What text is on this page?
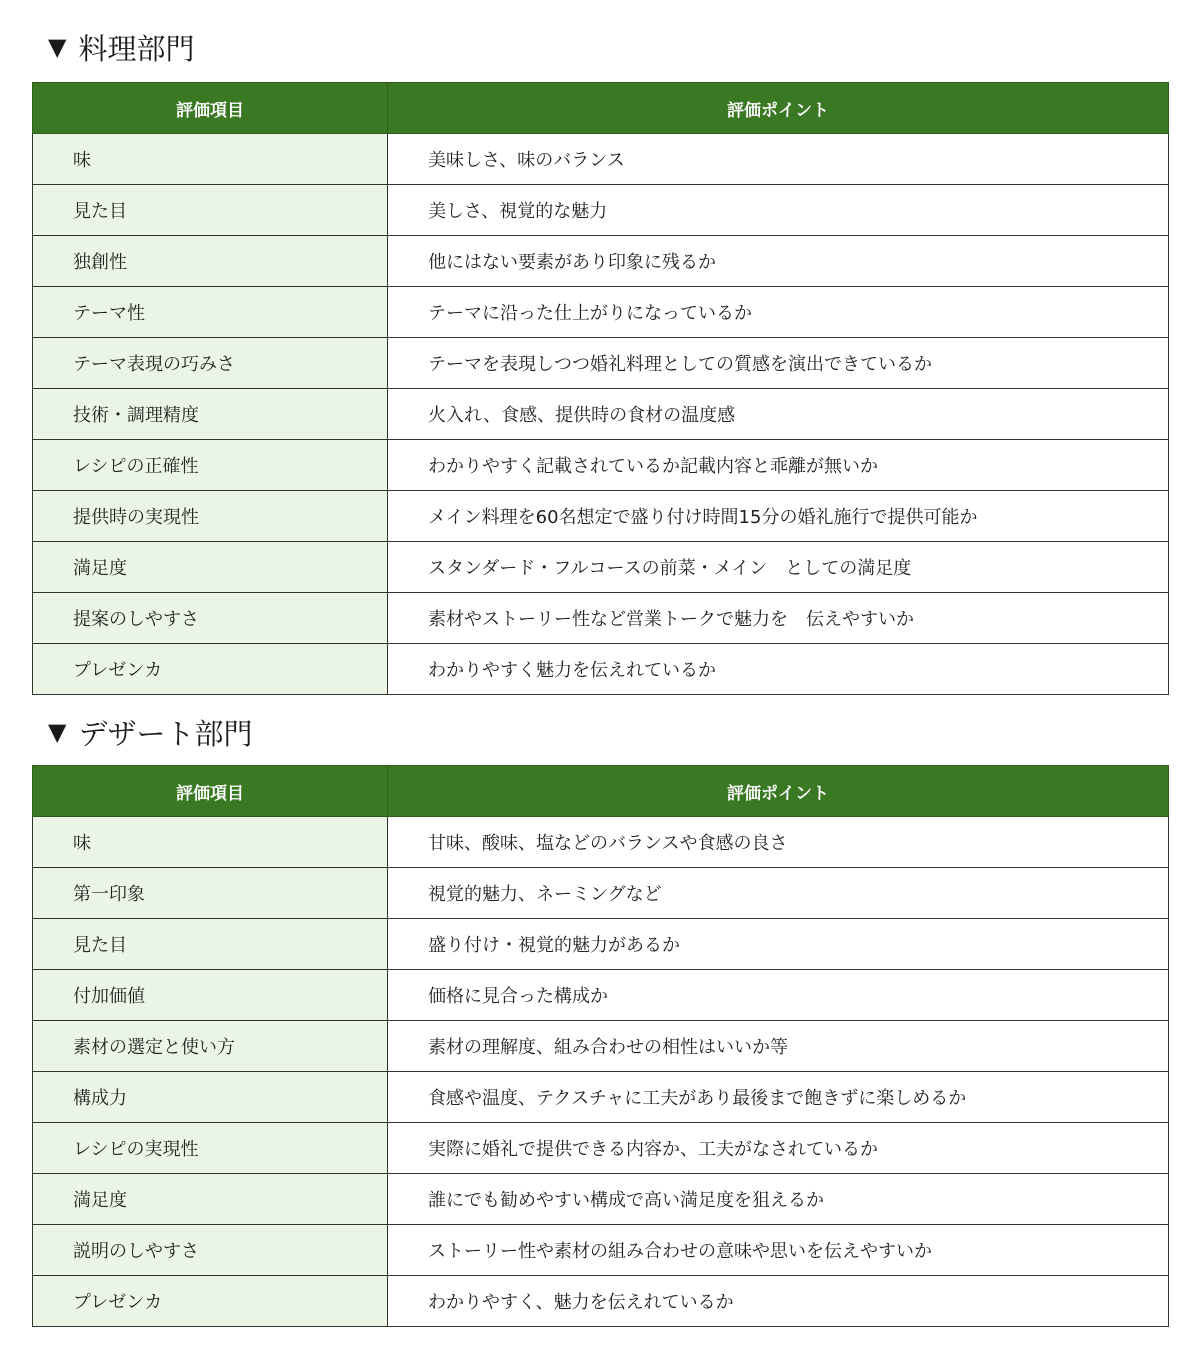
▼ 料理部門
評価項目	評価ポイント
味	美味しさ、味のバランス
見た目	美しさ、視覚的な魅力
独創性	他にはない要素があり印象に残るか
テーマ性	テーマに沿った仕上がりになっているか
テーマ表現の巧みさ	テーマを表現しつつ婚礼料理としての質感を演出できているか
技術・調理精度	火入れ、食感、提供時の食材の温度感
レシピの正確性	わかりやすく記載されているか記載内容と乖離が無いか
提供時の実現性	メイン料理を60名想定で盛り付け時間15分の婚礼施行で提供可能か
満足度	スタンダード・フルコースの前菜・メイン　としての満足度
提案のしやすさ	素材やストーリー性など営業トークで魅力を　伝えやすいか
プレゼンカ	わかりやすく魅力を伝えれているか
▼ デザート部門
評価項目	評価ポイント
味	甘味、酸味、塩などのバランスや食感の良さ
第一印象	視覚的魅力、ネーミングなど
見た目	盛り付け・視覚的魅力があるか
付加価値	価格に見合った構成か
素材の選定と使い方	素材の理解度、組み合わせの相性はいいか等
構成力	食感や温度、テクスチャに工夫があり最後まで飽きずに楽しめるか
レシピの実現性	実際に婚礼で提供できる内容か、工夫がなされているか
満足度	誰にでも勧めやすい構成で高い満足度を狙えるか
説明のしやすさ	ストーリー性や素材の組み合わせの意味や思いを伝えやすいか
プレゼンカ	わかりやすく、魅力を伝えれているか
